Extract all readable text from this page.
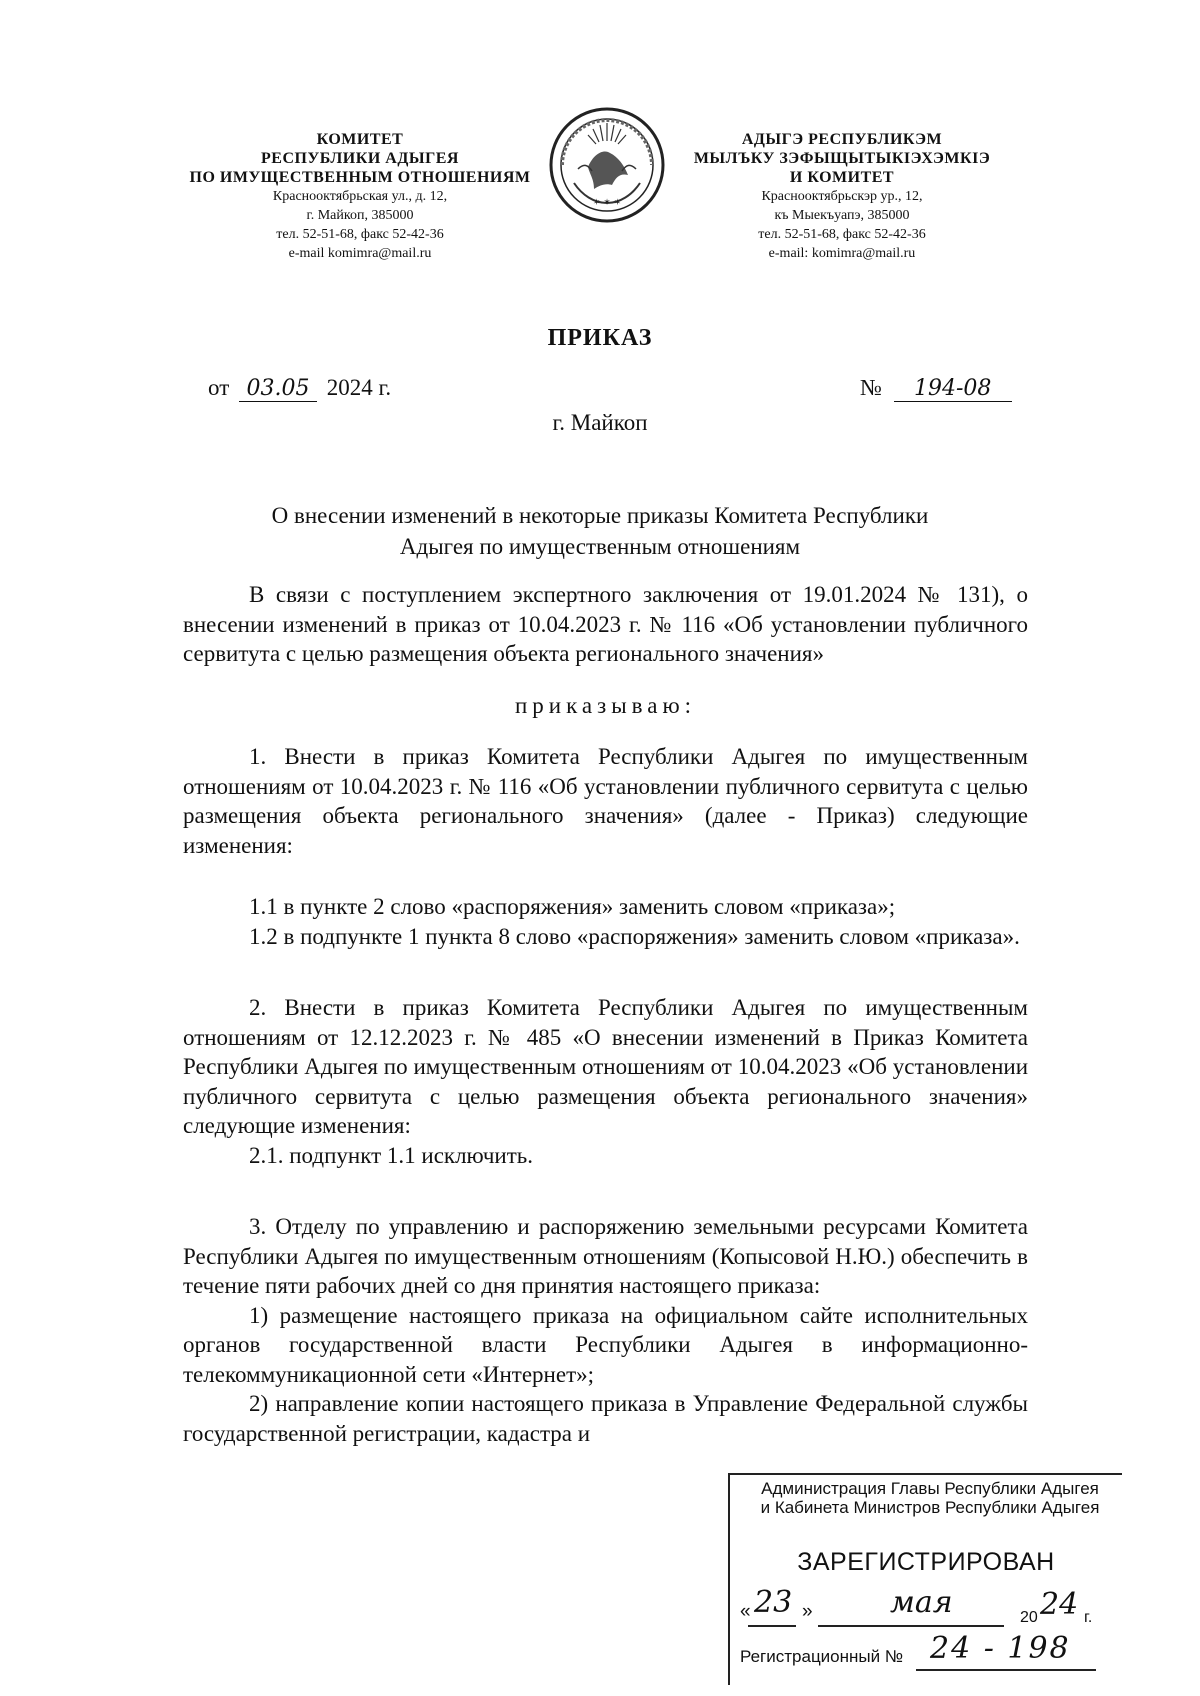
КОМИТЕТ
РЕСПУБЛИКИ АДЫГЕЯ
ПО ИМУЩЕСТВЕННЫМ ОТНОШЕНИЯМ
Краснооктябрьская ул., д. 12,
г. Майкоп, 385000
тел. 52-51-68, факс 52-42-36
e-mail komimra@mail.ru
✶ ✶ ✶
АДЫГЭ РЕСПУБЛИКЭМ
МЫЛЪКУ ЗЭФЫЩЫТЫКIЭХЭМКIЭ
И КОМИТЕТ
Краснооктябрьскэр ур., 12,
къ Мыекъуапэ, 385000
тел. 52-51-68, факс 52-42-36
e-mail: komimra@mail.ru
ПРИКАЗ
от 03.05 2024 г.	№ 194-08
г. Майкоп
О внесении изменений в некоторые приказы Комитета Республики
Адыгея по имущественным отношениям

В связи с поступлением экспертного заключения от 19.01.2024 № 131), о внесении изменений в приказ от 10.04.2023 г. № 116 «Об установлении публичного сервитута с целью размещения объекта регионального значения»

приказываю:

1. Внести в приказ Комитета Республики Адыгея по имущественным отношениям от 10.04.2023 г. № 116 «Об установлении публичного сервитута с целью размещения объекта регионального значения» (далее - Приказ) следующие изменения:

1.1 в пункте 2 слово «распоряжения» заменить словом «приказа»;

1.2 в подпункте 1 пункта 8 слово «распоряжения» заменить словом «приказа».

2. Внести в приказ Комитета Республики Адыгея по имущественным отношениям от 12.12.2023 г. № 485 «О внесении изменений в Приказ Комитета Республики Адыгея по имущественным отношениям от 10.04.2023 «Об установлении публичного сервитута с целью размещения объекта регионального значения» следующие изменения:

2.1. подпункт 1.1 исключить.

3. Отделу по управлению и распоряжению земельными ресурсами Комитета Республики Адыгея по имущественным отношениям (Копысовой Н.Ю.) обеспечить в течение пяти рабочих дней со дня принятия настоящего приказа:

1) размещение настоящего приказа на официальном сайте исполнительных органов государственной власти Республики Адыгея в информационно-телекоммуникационной сети «Интернет»;

2) направление копии настоящего приказа в Управление Федеральной службы государственной регистрации, кадастра и

Администрация Главы Республики Адыгея
и Кабинета Министров Республики Адыгея
ЗАРЕГИСТРИРОВАН
« 23 »	мая	20 24 г.
Регистрационный № 24 - 198
